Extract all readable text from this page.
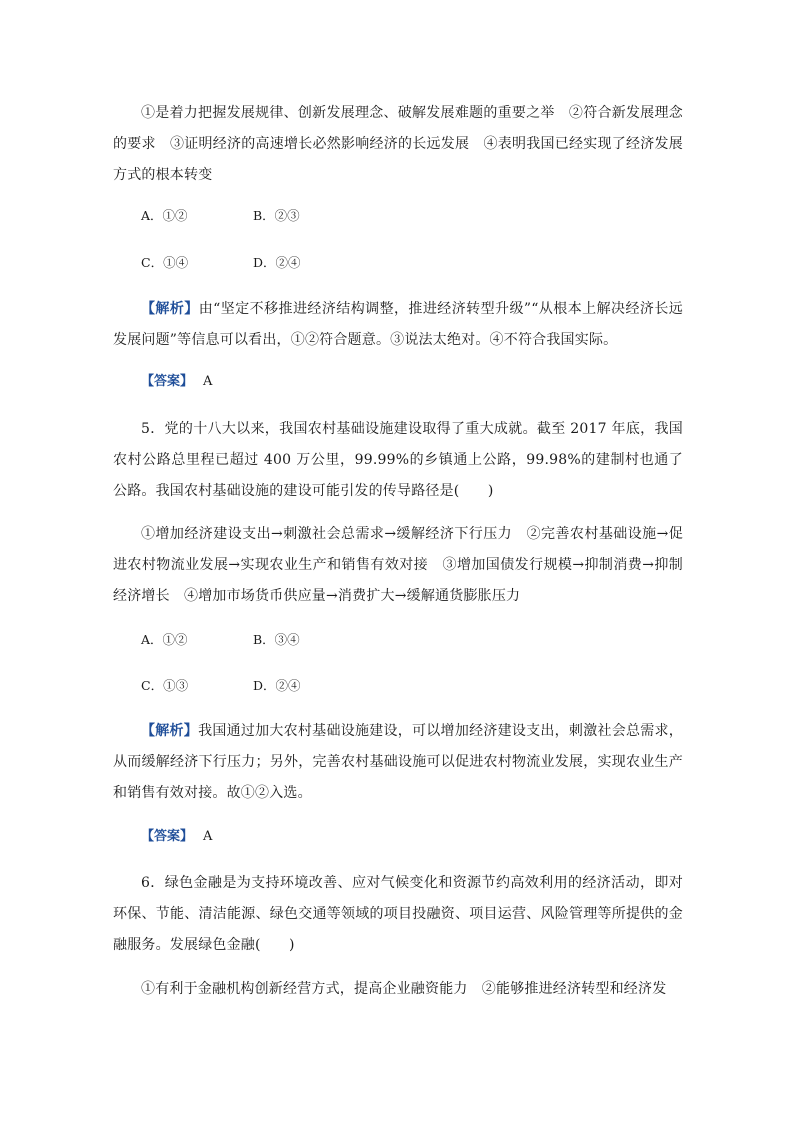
①是着力把握发展规律、创新发展理念、破解发展难题的重要之举　②符合新发展理念的要求　③证明经济的高速增长必然影响经济的长远发展　④表明我国已经实现了经济发展方式的根本转变

A．①②	B．②③
C．①④	D．②④

【解析】由“坚定不移推进经济结构调整，推进经济转型升级”“从根本上解决经济长远发展问题”等信息可以看出，①②符合题意。③说法太绝对。④不符合我国实际。

【答案】 A

5．党的十八大以来，我国农村基础设施建设取得了重大成就。截至 2017 年底，我国农村公路总里程已超过 400 万公里，99.99%的乡镇通上公路，99.98%的建制村也通了公路。我国农村基础设施的建设可能引发的传导路径是(　　)

①增加经济建设支出→刺激社会总需求→缓解经济下行压力　②完善农村基础设施→促进农村物流业发展→实现农业生产和销售有效对接　③增加国债发行规模→抑制消费→抑制经济增长　④增加市场货币供应量→消费扩大→缓解通货膨胀压力

A．①②	B．③④
C．①③	D．②④

【解析】我国通过加大农村基础设施建设，可以增加经济建设支出，刺激社会总需求，从而缓解经济下行压力；另外，完善农村基础设施可以促进农村物流业发展，实现农业生产和销售有效对接。故①②入选。

【答案】 A

6．绿色金融是为支持环境改善、应对气候变化和资源节约高效利用的经济活动，即对环保、节能、清洁能源、绿色交通等领域的项目投融资、项目运营、风险管理等所提供的金融服务。发展绿色金融(　　)

①有利于金融机构创新经营方式，提高企业融资能力　②能够推进经济转型和经济发
